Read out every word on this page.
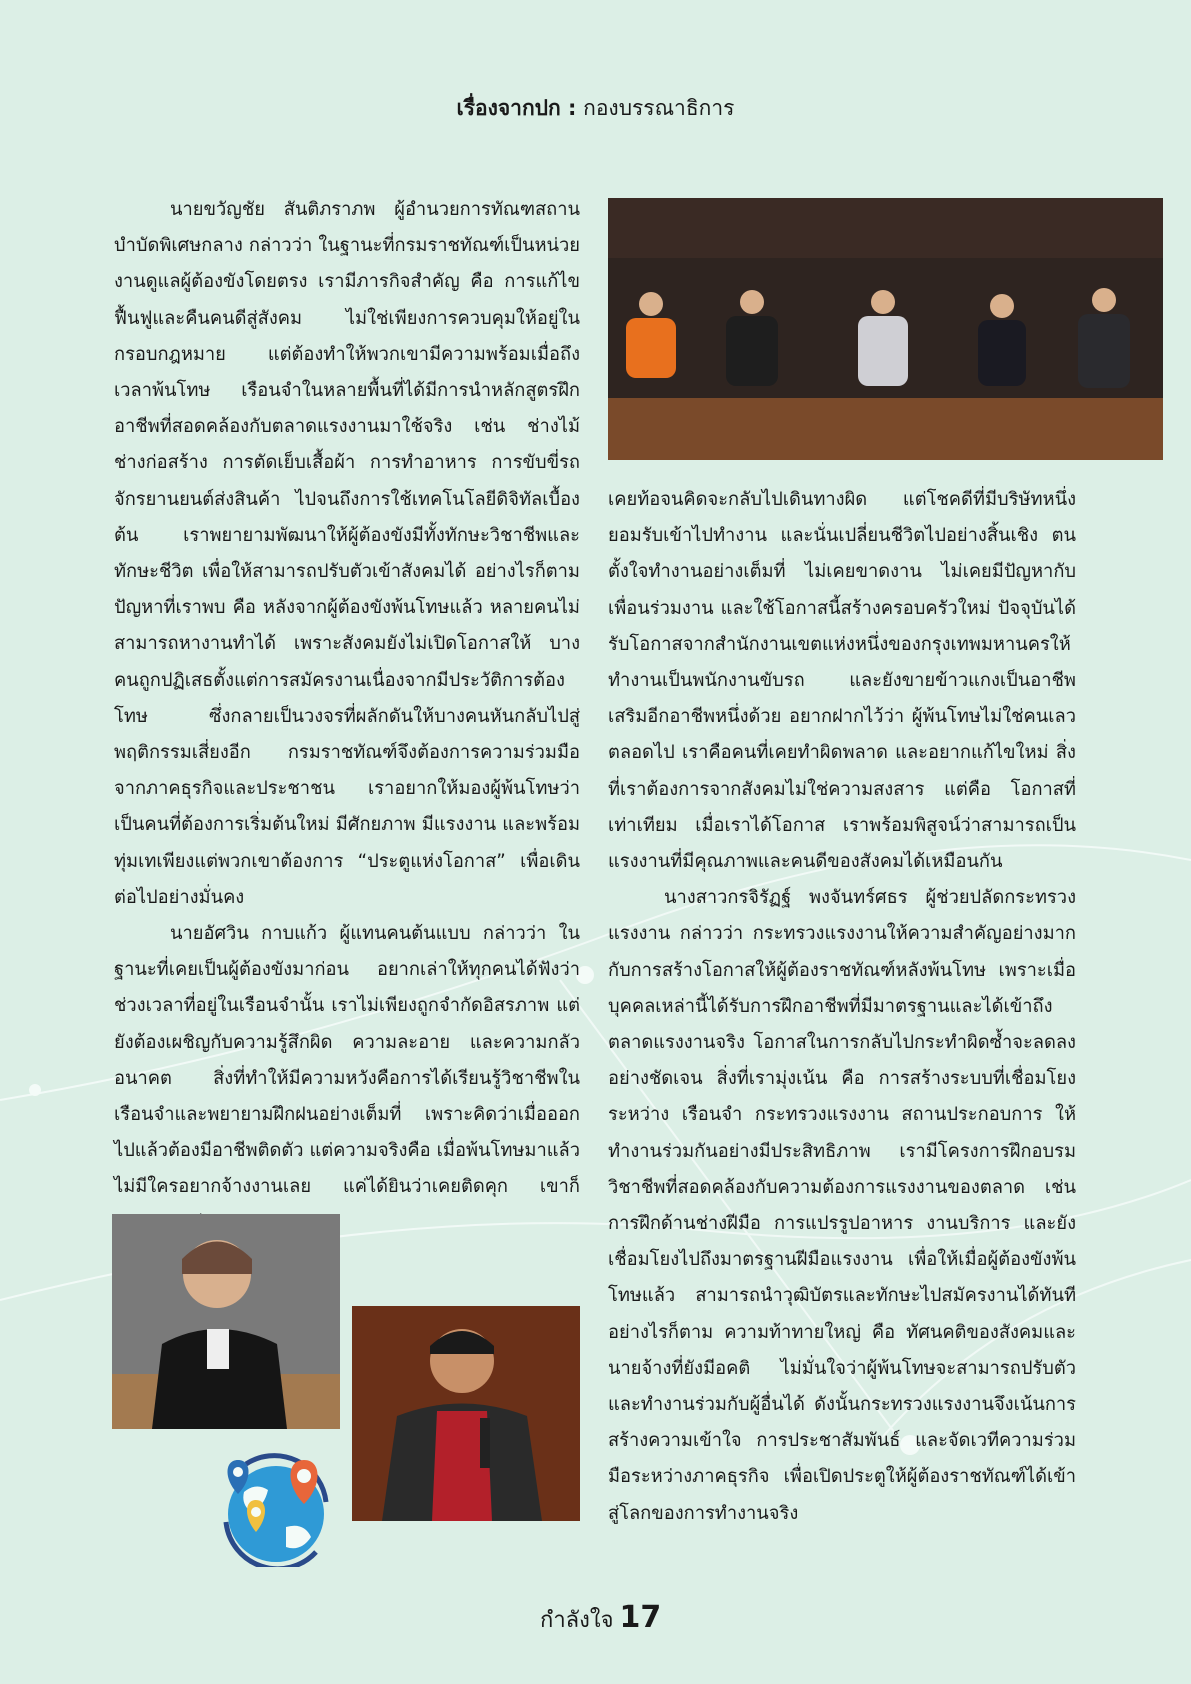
เรื่องจากปก : กองบรรณาธิการ

นายขวัญชัย สันติภราภพ ผู้อำนวยการทัณฑสถานบำบัดพิเศษกลาง กล่าวว่า ในฐานะที่กรมราชทัณฑ์เป็นหน่วยงานดูแลผู้ต้องขังโดยตรง เรามีภารกิจสำคัญ คือ การแก้ไขฟื้นฟูและคืนคนดีสู่สังคม ไม่ใช่เพียงการควบคุมให้อยู่ในกรอบกฎหมาย แต่ต้องทำให้พวกเขามีความพร้อมเมื่อถึงเวลาพ้นโทษ เรือนจำในหลายพื้นที่ได้มีการนำหลักสูตรฝึกอาชีพที่สอดคล้องกับตลาดแรงงานมาใช้จริง เช่น ช่างไม้ ช่างก่อสร้าง การตัดเย็บเสื้อผ้า การทำอาหาร การขับขี่รถจักรยานยนต์ส่งสินค้า ไปจนถึงการใช้เทคโนโลยีดิจิทัลเบื้องต้น เราพยายามพัฒนาให้ผู้ต้องขังมีทั้งทักษะวิชาชีพและทักษะชีวิต เพื่อให้สามารถปรับตัวเข้าสังคมได้ อย่างไรก็ตามปัญหาที่เราพบ คือ หลังจากผู้ต้องขังพ้นโทษแล้ว หลายคนไม่สามารถหางานทำได้ เพราะสังคมยังไม่เปิดโอกาสให้ บางคนถูกปฏิเสธตั้งแต่การสมัครงานเนื่องจากมีประวัติการต้องโทษ ซึ่งกลายเป็นวงจรที่ผลักดันให้บางคนหันกลับไปสู่พฤติกรรมเสี่ยงอีก กรมราชทัณฑ์จึงต้องการความร่วมมือจากภาคธุรกิจและประชาชน เราอยากให้มองผู้พ้นโทษว่าเป็นคนที่ต้องการเริ่มต้นใหม่ มีศักยภาพ มีแรงงาน และพร้อมทุ่มเทเพียงแต่พวกเขาต้องการ “ประตูแห่งโอกาส” เพื่อเดินต่อไปอย่างมั่นคง

นายอัศวิน กาบแก้ว ผู้แทนคนต้นแบบ กล่าวว่า ในฐานะที่เคยเป็นผู้ต้องขังมาก่อน อยากเล่าให้ทุกคนได้ฟังว่าช่วงเวลาที่อยู่ในเรือนจำนั้น เราไม่เพียงถูกจำกัดอิสรภาพ แต่ยังต้องเผชิญกับความรู้สึกผิด ความละอาย และความกลัวอนาคต สิ่งที่ทำให้มีความหวังคือการได้เรียนรู้วิชาชีพในเรือนจำและพยายามฝึกฝนอย่างเต็มที่ เพราะคิดว่าเมื่อออกไปแล้วต้องมีอาชีพติดตัว แต่ความจริงคือ เมื่อพ้นโทษมาแล้ว ไม่มีใครอยากจ้างงานเลย แค่ได้ยินว่าเคยติดคุก เขาก็

เคยท้อจนคิดจะกลับไปเดินทางผิด แต่โชคดีที่มีบริษัทหนึ่งยอมรับเข้าไปทำงาน และนั่นเปลี่ยนชีวิตไปอย่างสิ้นเชิง ตนตั้งใจทำงานอย่างเต็มที่ ไม่เคยขาดงาน ไม่เคยมีปัญหากับเพื่อนร่วมงาน และใช้โอกาสนี้สร้างครอบครัวใหม่ ปัจจุบันได้รับโอกาสจากสำนักงานเขตแห่งหนึ่งของกรุงเทพมหานครให้ทำงานเป็นพนักงานขับรถ และยังขายข้าวแกงเป็นอาชีพเสริมอีกอาชีพหนึ่งด้วย อยากฝากไว้ว่า ผู้พ้นโทษไม่ใช่คนเลวตลอดไป เราคือคนที่เคยทำผิดพลาด และอยากแก้ไขใหม่ สิ่งที่เราต้องการจากสังคมไม่ใช่ความสงสาร แต่คือ โอกาสที่เท่าเทียม เมื่อเราได้โอกาส เราพร้อมพิสูจน์ว่าสามารถเป็นแรงงานที่มีคุณภาพและคนดีของสังคมได้เหมือนกัน

นางสาวกรจิรัฏฐ์ พงจันทร์ศธร ผู้ช่วยปลัดกระทรวงแรงงาน กล่าวว่า กระทรวงแรงงานให้ความสำคัญอย่างมากกับการสร้างโอกาสให้ผู้ต้องราชทัณฑ์หลังพ้นโทษ เพราะเมื่อบุคคลเหล่านี้ได้รับการฝึกอาชีพที่มีมาตรฐานและได้เข้าถึงตลาดแรงงานจริง โอกาสในการกลับไปกระทำผิดซ้ำจะลดลงอย่างชัดเจน สิ่งที่เรามุ่งเน้น คือ การสร้างระบบที่เชื่อมโยงระหว่าง เรือนจำ กระทรวงแรงงาน สถานประกอบการ ให้ทำงานร่วมกันอย่างมีประสิทธิภาพ เรามีโครงการฝึกอบรมวิชาชีพที่สอดคล้องกับความต้องการแรงงานของตลาด เช่น การฝึกด้านช่างฝีมือ การแปรรูปอาหาร งานบริการ และยังเชื่อมโยงไปถึงมาตรฐานฝีมือแรงงาน เพื่อให้เมื่อผู้ต้องขังพ้นโทษแล้ว สามารถนำวุฒิบัตรและทักษะไปสมัครงานได้ทันที อย่างไรก็ตาม ความท้าทายใหญ่ คือ ทัศนคติของสังคมและนายจ้างที่ยังมีอคติ ไม่มั่นใจว่าผู้พ้นโทษจะสามารถปรับตัวและทำงานร่วมกับผู้อื่นได้ ดังนั้นกระทรวงแรงงานจึงเน้นการสร้างความเข้าใจ การประชาสัมพันธ์ และจัดเวทีความร่วมมือระหว่างภาคธุรกิจ เพื่อเปิดประตูให้ผู้ต้องราชทัณฑ์ได้เข้าสู่โลกของการทำงานจริง

กำลังใจ 17
